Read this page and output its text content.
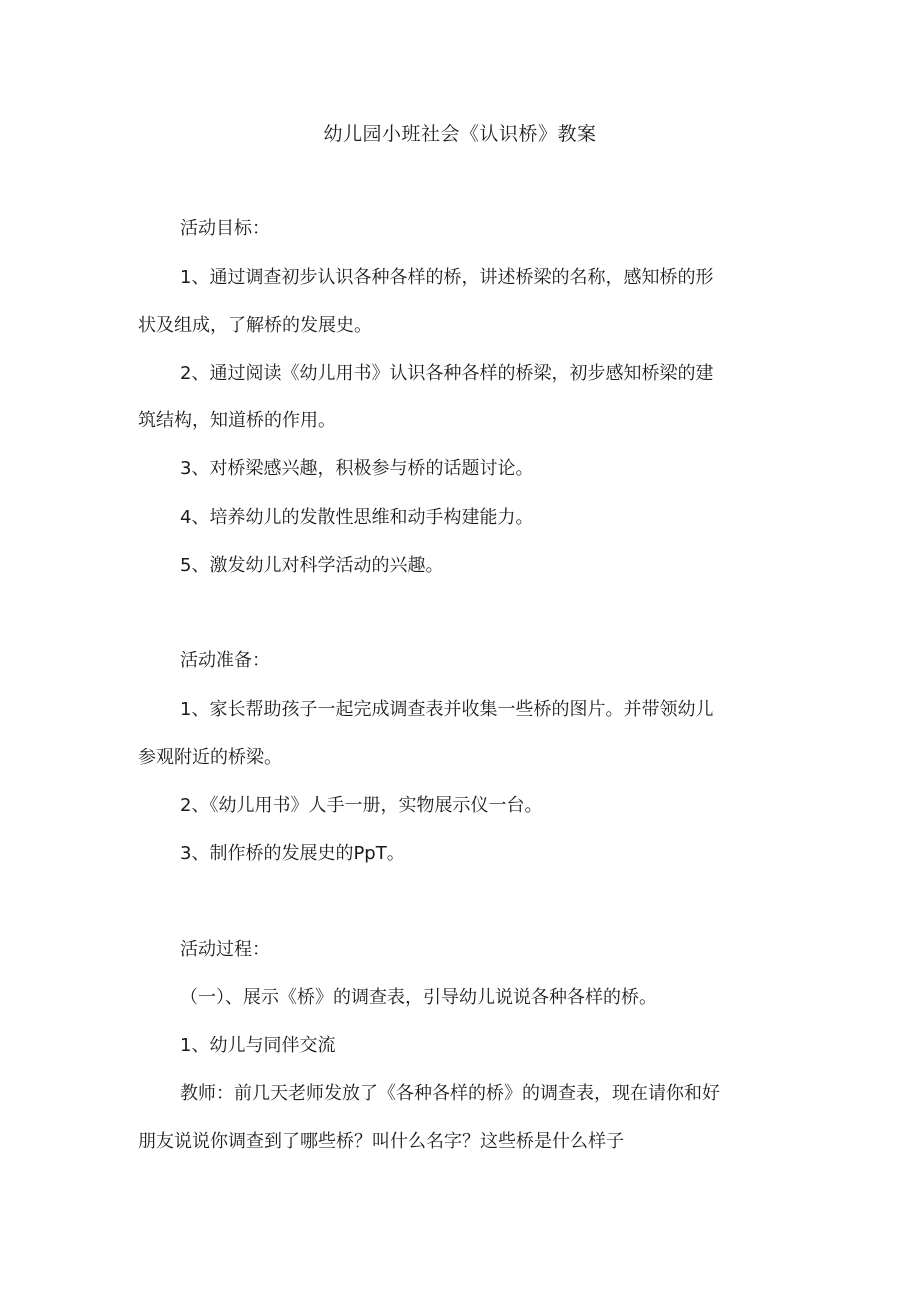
幼儿园小班社会《认识桥》教案
活动目标：
1、通过调查初步认识各种各样的桥，讲述桥梁的名称，感知桥的形
状及组成，了解桥的发展史。
2、通过阅读《幼儿用书》认识各种各样的桥梁，初步感知桥梁的建
筑结构，知道桥的作用。
3、对桥梁感兴趣，积极参与桥的话题讨论。
4、培养幼儿的发散性思维和动手构建能力。
5、激发幼儿对科学活动的兴趣。
活动准备：
1、家长帮助孩子一起完成调查表并收集一些桥的图片。并带领幼儿
参观附近的桥梁。
2、《幼儿用书》人手一册，实物展示仪一台。
3、制作桥的发展史的PpT。
活动过程：
（一）、展示《桥》的调查表，引导幼儿说说各种各样的桥。
1、幼儿与同伴交流
教师：前几天老师发放了《各种各样的桥》的调查表，现在请你和好
朋友说说你调查到了哪些桥？叫什么名字？这些桥是什么样子
